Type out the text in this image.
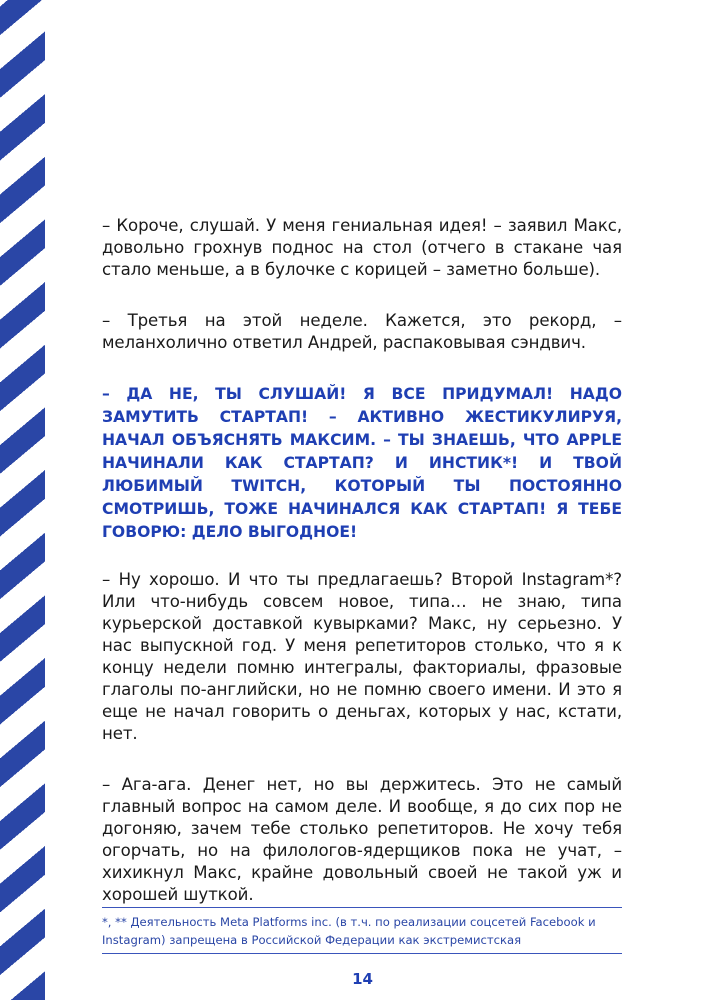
– Короче, слушай. У меня гениальная идея! – заявил Макс, довольно грохнув поднос на стол (отчего в стакане чая стало меньше, а в булочке с корицей – заметно больше).

– Третья на этой неделе. Кажется, это рекорд, – меланхолично ответил Андрей, распаковывая сэндвич.

– ДА НЕ, ТЫ СЛУШАЙ! Я ВСЕ ПРИДУМАЛ! НАДО ЗАМУТИТЬ СТАРТАП! – АКТИВНО ЖЕСТИКУЛИРУЯ, НАЧАЛ ОБЪЯСНЯТЬ МАКСИМ. – ТЫ ЗНАЕШЬ, ЧТО APPLE НАЧИНАЛИ КАК СТАРТАП? И ИНСТИК*! И ТВОЙ ЛЮБИМЫЙ TWITCH, КОТОРЫЙ ТЫ ПОСТОЯННО СМОТРИШЬ, ТОЖЕ НАЧИНАЛСЯ КАК СТАРТАП! Я ТЕБЕ ГОВОРЮ: ДЕЛО ВЫГОДНОЕ!

– Ну хорошо. И что ты предлагаешь? Второй Instagram*? Или что-нибудь совсем новое, типа… не знаю, типа курьерской доставкой кувырками? Макс, ну серьезно. У нас выпускной год. У меня репетиторов столько, что я к концу недели помню интегралы, факториалы, фразовые глаголы по-английски, но не помню своего имени. И это я еще не начал говорить о деньгах, которых у нас, кстати, нет.

– Ага-ага. Денег нет, но вы держитесь. Это не самый главный вопрос на самом деле. И вообще, я до сих пор не догоняю, зачем тебе столько репетиторов. Не хочу тебя огорчать, но на филологов-ядерщиков пока не учат, – хихикнул Макс, крайне довольный своей не такой уж и хорошей шуткой.

*, ** Деятельность Meta Platforms inc. (в т.ч. по реализации соцсетей Facebook и Instagram) запрещена в Российской Федерации как экстремистская

14
